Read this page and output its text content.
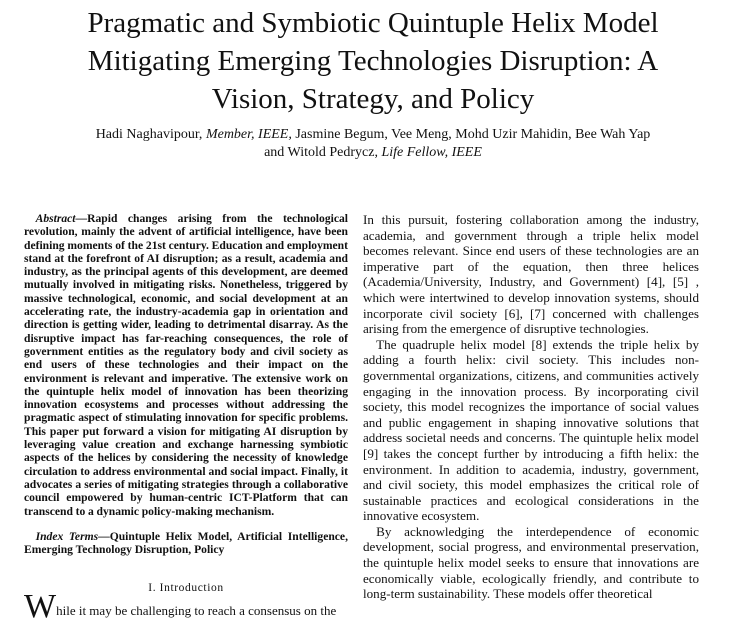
Pragmatic and Symbiotic Quintuple Helix Model
Mitigating Emerging Technologies Disruption: A
Vision, Strategy, and Policy
Hadi Naghavipour, Member, IEEE, Jasmine Begum, Vee Meng, Mohd Uzir Mahidin, Bee Wah Yap
and Witold Pedrycz, Life Fellow, IEEE

Abstract—Rapid changes arising from the technological revolution, mainly the advent of artificial intelligence, have been defining moments of the 21st century. Education and employment stand at the forefront of AI disruption; as a result, academia and industry, as the principal agents of this development, are deemed mutually involved in mitigating risks. Nonetheless, triggered by massive technological, economic, and social development at an accelerating rate, the industry-academia gap in orientation and direction is getting wider, leading to detrimental disarray. As the disruptive impact has far-reaching consequences, the role of government entities as the regulatory body and civil society as end users of these technologies and their impact on the environment is relevant and imperative. The extensive work on the quintuple helix model of innovation has been theorizing innovation ecosystems and processes without addressing the pragmatic aspect of stimulating innovation for specific problems. This paper put forward a vision for mitigating AI disruption by leveraging value creation and exchange harnessing symbiotic aspects of the helices by considering the necessity of knowledge circulation to address environmental and social impact. Finally, it advocates a series of mitigating strategies through a collaborative council empowered by human-centric ICT-Platform that can transcend to a dynamic policy-making mechanism.

Index Terms—Quintuple Helix Model, Artificial Intelligence, Emerging Technology Disruption, Policy

I. Introduction

While it may be challenging to reach a consensus on the

In this pursuit, fostering collaboration among the industry, academia, and government through a triple helix model becomes relevant. Since end users of these technologies are an imperative part of the equation, then three helices (Academia/University, Industry, and Government) [4], [5] , which were intertwined to develop innovation systems, should incorporate civil society [6], [7] concerned with challenges arising from the emergence of disruptive technologies.

The quadruple helix model [8] extends the triple helix by adding a fourth helix: civil society. This includes non-governmental organizations, citizens, and communities actively engaging in the innovation process. By incorporating civil society, this model recognizes the importance of social values and public engagement in shaping innovative solutions that address societal needs and concerns. The quintuple helix model [9] takes the concept further by introducing a fifth helix: the environment. In addition to academia, industry, government, and civil society, this model emphasizes the critical role of sustainable practices and ecological considerations in the innovative ecosystem.

By acknowledging the interdependence of economic development, social progress, and environmental preservation, the quintuple helix model seeks to ensure that innovations are economically viable, ecologically friendly, and contribute to long-term sustainability. These models offer theoretical
